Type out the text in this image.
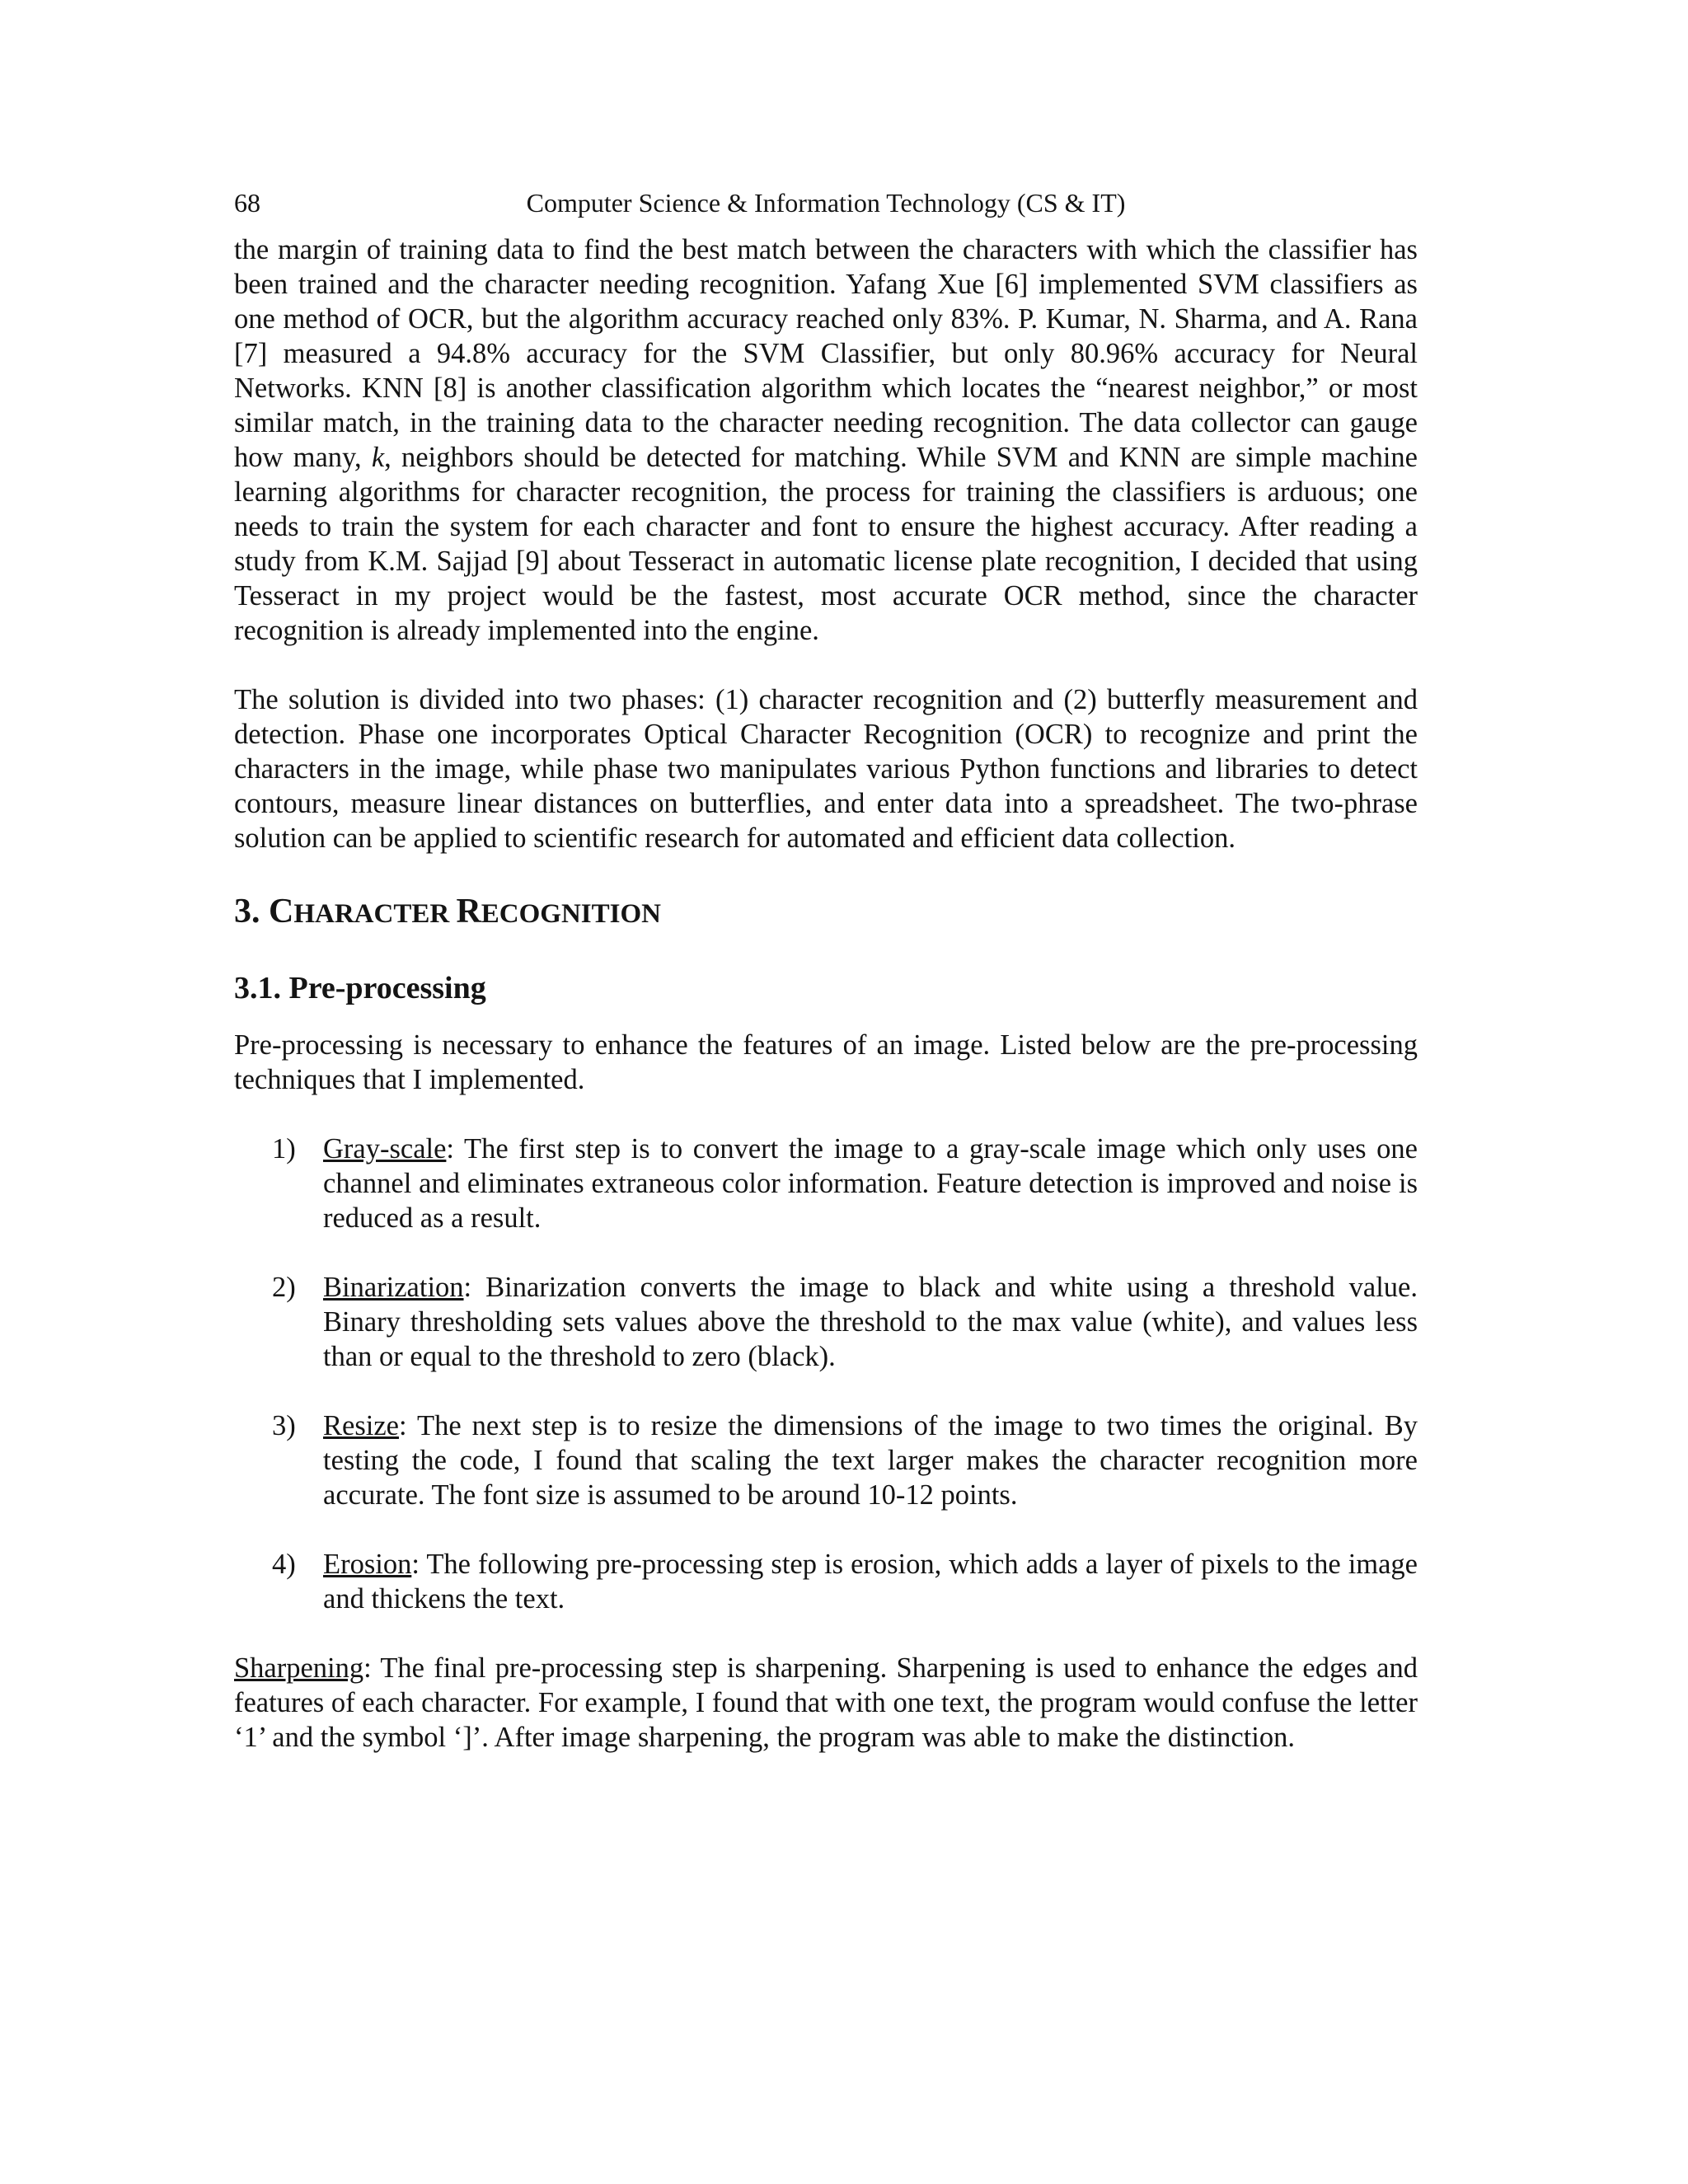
68	Computer Science & Information Technology (CS & IT)

the margin of training data to find the best match between the characters with which the classifier has been trained and the character needing recognition. Yafang Xue [6] implemented SVM classifiers as one method of OCR, but the algorithm accuracy reached only 83%. P. Kumar, N. Sharma, and A. Rana [7] measured a 94.8% accuracy for the SVM Classifier, but only 80.96% accuracy for Neural Networks. KNN [8] is another classification algorithm which locates the “nearest neighbor,” or most similar match, in the training data to the character needing recognition. The data collector can gauge how many, k, neighbors should be detected for matching. While SVM and KNN are simple machine learning algorithms for character recognition, the process for training the classifiers is arduous; one needs to train the system for each character and font to ensure the highest accuracy. After reading a study from K.M. Sajjad [9] about Tesseract in automatic license plate recognition, I decided that using Tesseract in my project would be the fastest, most accurate OCR method, since the character recognition is already implemented into the engine.

The solution is divided into two phases: (1) character recognition and (2) butterfly measurement and detection. Phase one incorporates Optical Character Recognition (OCR) to recognize and print the characters in the image, while phase two manipulates various Python functions and libraries to detect contours, measure linear distances on butterflies, and enter data into a spreadsheet. The two-phrase solution can be applied to scientific research for automated and efficient data collection.

3. CHARACTER RECOGNITION
3.1. Pre-processing

Pre-processing is necessary to enhance the features of an image. Listed below are the pre-processing techniques that I implemented.

1) Gray-scale: The first step is to convert the image to a gray-scale image which only uses one channel and eliminates extraneous color information. Feature detection is improved and noise is reduced as a result.
2) Binarization: Binarization converts the image to black and white using a threshold value. Binary thresholding sets values above the threshold to the max value (white), and values less than or equal to the threshold to zero (black).
3) Resize: The next step is to resize the dimensions of the image to two times the original. By testing the code, I found that scaling the text larger makes the character recognition more accurate. The font size is assumed to be around 10-12 points.
4) Erosion: The following pre-processing step is erosion, which adds a layer of pixels to the image and thickens the text.

Sharpening: The final pre-processing step is sharpening. Sharpening is used to enhance the edges and features of each character. For example, I found that with one text, the program would confuse the letter ‘1’ and the symbol ‘]’. After image sharpening, the program was able to make the distinction.
